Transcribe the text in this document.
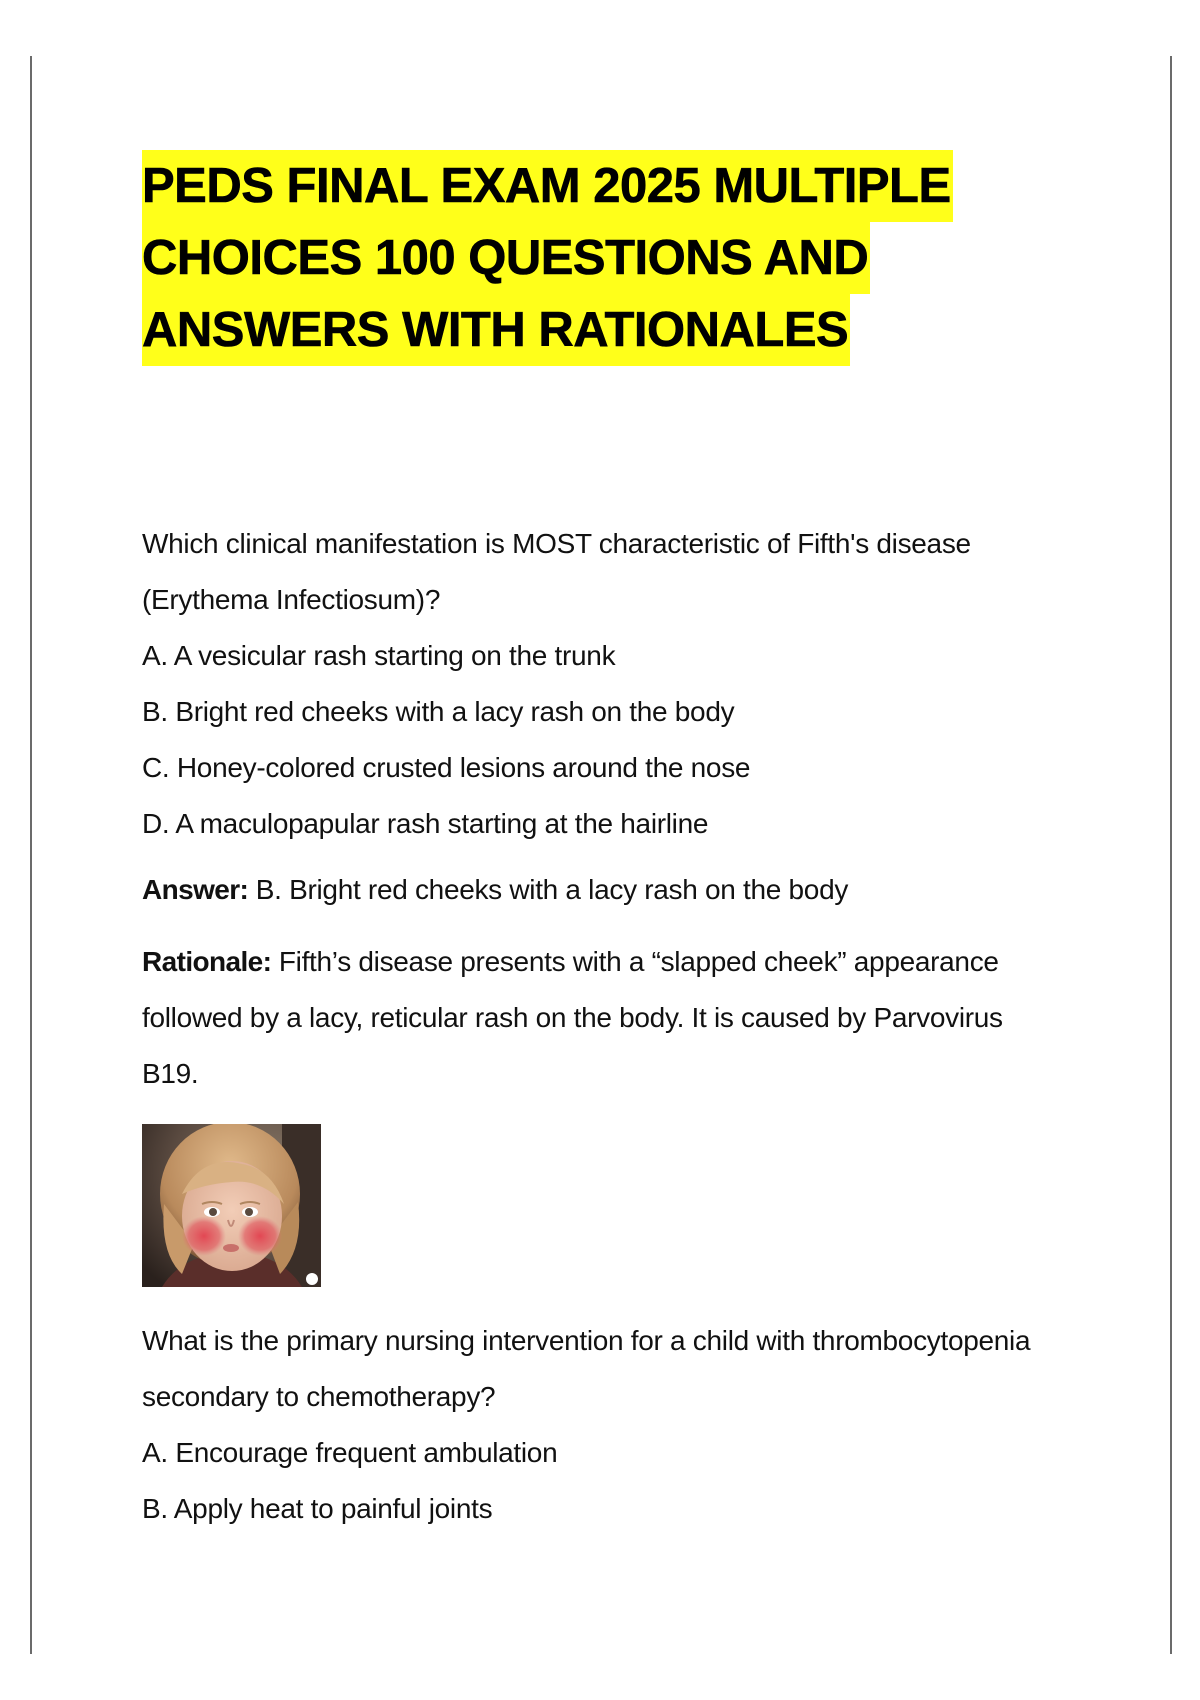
PEDS FINAL EXAM 2025 MULTIPLE
CHOICES 100 QUESTIONS AND
ANSWERS WITH RATIONALES
Which clinical manifestation is MOST characteristic of Fifth's disease
(Erythema Infectiosum)?
A. A vesicular rash starting on the trunk
B. Bright red cheeks with a lacy rash on the body
C. Honey-colored crusted lesions around the nose
D. A maculopapular rash starting at the hairline
Answer: B. Bright red cheeks with a lacy rash on the body
Rationale: Fifth’s disease presents with a “slapped cheek” appearance
followed by a lacy, reticular rash on the body. It is caused by Parvovirus
B19.
What is the primary nursing intervention for a child with thrombocytopenia
secondary to chemotherapy?
A. Encourage frequent ambulation
B. Apply heat to painful joints
